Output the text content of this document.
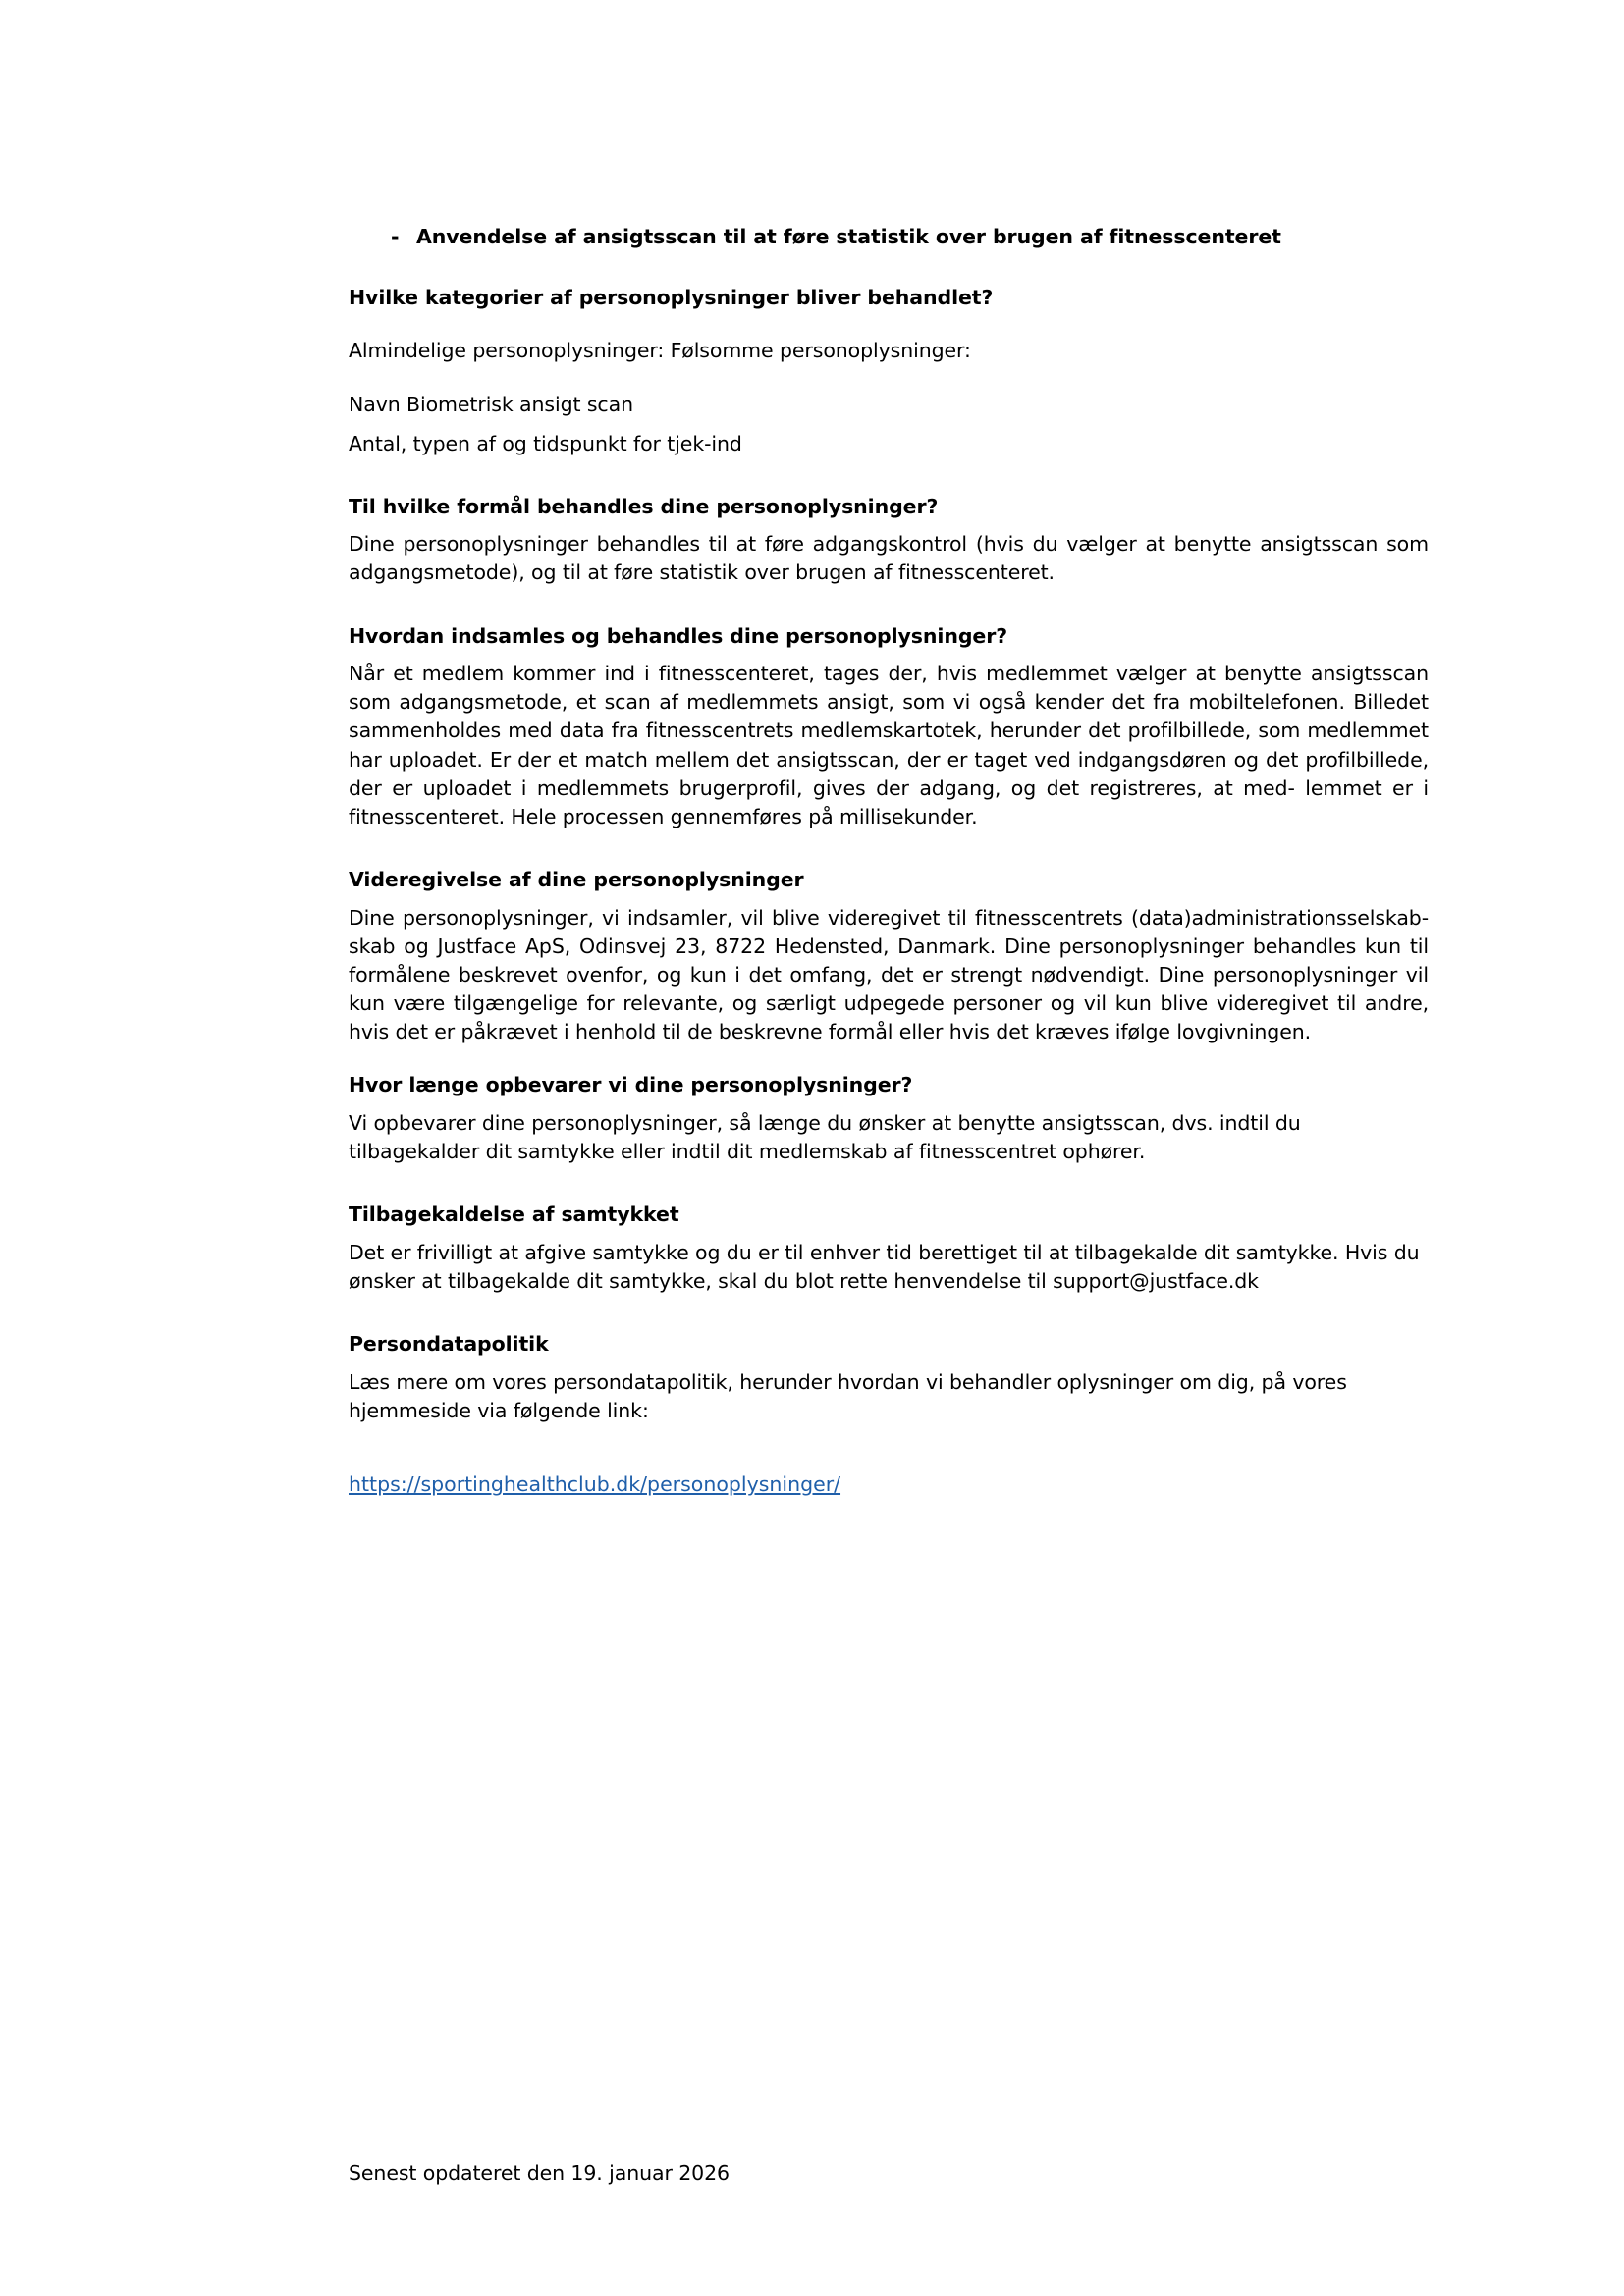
- Anvendelse af ansigtsscan til at føre statistik over brugen af fitnesscenteret
Hvilke kategorier af personoplysninger bliver behandlet?

Almindelige personoplysninger: Følsomme personoplysninger:

Navn Biometrisk ansigt scan

Antal, typen af og tidspunkt for tjek-ind

Til hvilke formål behandles dine personoplysninger?

Dine personoplysninger behandles til at føre adgangskontrol (hvis du vælger at benytte ansigtsscan som adgangsmetode), og til at føre statistik over brugen af fitnesscenteret.

Hvordan indsamles og behandles dine personoplysninger?

Når et medlem kommer ind i fitnesscenteret, tages der, hvis medlemmet vælger at benytte ansigtsscan som adgangsmetode, et scan af medlemmets ansigt, som vi også kender det fra mobiltelefonen. Billedet sammenholdes med data fra fitnesscentrets medlemskartotek, herunder det profilbillede, som medlemmet har uploadet. Er der et match mellem det ansigtsscan, der er taget ved indgangsdøren og det profilbillede, der er uploadet i medlemmets brugerprofil, gives der adgang, og det registreres, at med- lemmet er i fitnesscenteret. Hele processen gennemføres på millisekunder.

Videregivelse af dine personoplysninger

Dine personoplysninger, vi indsamler, vil blive videregivet til fitnesscentrets (data)administrationsselskab- skab og Justface ApS, Odinsvej 23, 8722 Hedensted, Danmark. Dine personoplysninger behandles kun til formålene beskrevet ovenfor, og kun i det omfang, det er strengt nødvendigt. Dine personoplysninger vil kun være tilgængelige for relevante, og særligt udpegede personer og vil kun blive videregivet til andre, hvis det er påkrævet i henhold til de beskrevne formål eller hvis det kræves ifølge lovgivningen.

Hvor længe opbevarer vi dine personoplysninger?

Vi opbevarer dine personoplysninger, så længe du ønsker at benytte ansigtsscan, dvs. indtil du tilbagekalder dit samtykke eller indtil dit medlemskab af fitnesscentret ophører.

Tilbagekaldelse af samtykket

Det er frivilligt at afgive samtykke og du er til enhver tid berettiget til at tilbagekalde dit samtykke. Hvis du ønsker at tilbagekalde dit samtykke, skal du blot rette henvendelse til support@justface.dk

Persondatapolitik

Læs mere om vores persondatapolitik, herunder hvordan vi behandler oplysninger om dig, på vores hjemmeside via følgende link:

https://sportinghealthclub.dk/personoplysninger/
Senest opdateret den 19. januar 2026
